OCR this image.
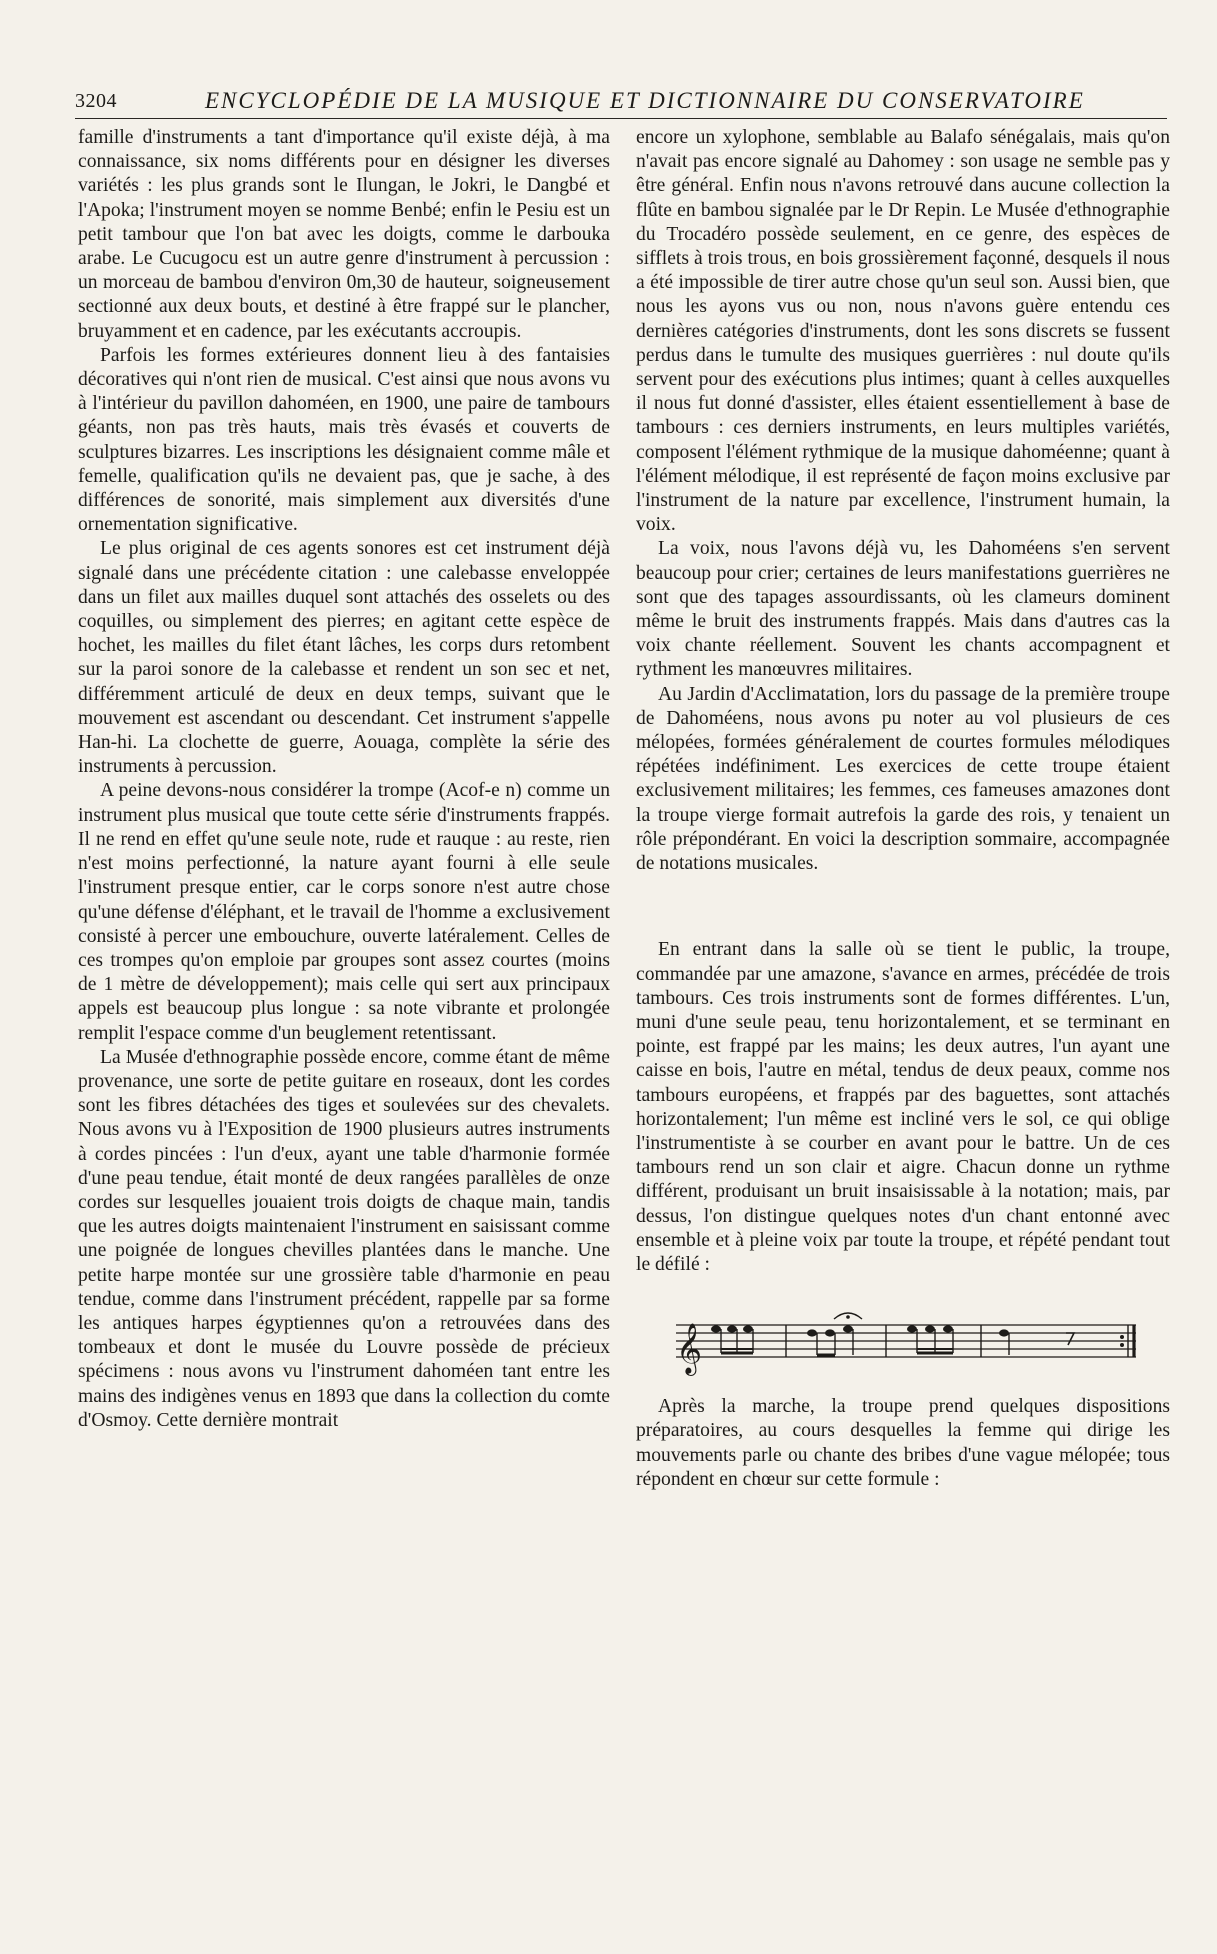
3204	ENCYCLOPÉDIE DE LA MUSIQUE ET DICTIONNAIRE DU CONSERVATOIRE

famille d'instruments a tant d'importance qu'il existe déjà, à ma connaissance, six noms différents pour en désigner les diverses variétés : les plus grands sont le Ilungan, le Jokri, le Dangbé et l'Apoka; l'instrument moyen se nomme Benbé; enfin le Pesiu est un petit tambour que l'on bat avec les doigts, comme le darbouka arabe. Le Cucugocu est un autre genre d'instrument à percussion : un morceau de bambou d'environ 0m,30 de hauteur, soigneusement sectionné aux deux bouts, et destiné à être frappé sur le plancher, bruyamment et en cadence, par les exécutants accroupis.

Parfois les formes extérieures donnent lieu à des fantaisies décoratives qui n'ont rien de musical. C'est ainsi que nous avons vu à l'intérieur du pavillon dahoméen, en 1900, une paire de tambours géants, non pas très hauts, mais très évasés et couverts de sculptures bizarres. Les inscriptions les désignaient comme mâle et femelle, qualification qu'ils ne devaient pas, que je sache, à des différences de sonorité, mais simplement aux diversités d'une ornementation significative.

Le plus original de ces agents sonores est cet instrument déjà signalé dans une précédente citation : une calebasse enveloppée dans un filet aux mailles duquel sont attachés des osselets ou des coquilles, ou simplement des pierres; en agitant cette espèce de hochet, les mailles du filet étant lâches, les corps durs retombent sur la paroi sonore de la calebasse et rendent un son sec et net, différemment articulé de deux en deux temps, suivant que le mouvement est ascendant ou descendant. Cet instrument s'appelle Han-hi. La clochette de guerre, Aouaga, complète la série des instruments à percussion.

A peine devons-nous considérer la trompe (Acof-e n) comme un instrument plus musical que toute cette série d'instruments frappés. Il ne rend en effet qu'une seule note, rude et rauque : au reste, rien n'est moins perfectionné, la nature ayant fourni à elle seule l'instrument presque entier, car le corps sonore n'est autre chose qu'une défense d'éléphant, et le travail de l'homme a exclusivement consisté à percer une embouchure, ouverte latéralement. Celles de ces trompes qu'on emploie par groupes sont assez courtes (moins de 1 mètre de développement); mais celle qui sert aux principaux appels est beaucoup plus longue : sa note vibrante et prolongée remplit l'espace comme d'un beuglement retentissant.

La Musée d'ethnographie possède encore, comme étant de même provenance, une sorte de petite guitare en roseaux, dont les cordes sont les fibres détachées des tiges et soulevées sur des chevalets. Nous avons vu à l'Exposition de 1900 plusieurs autres instruments à cordes pincées : l'un d'eux, ayant une table d'harmonie formée d'une peau tendue, était monté de deux rangées parallèles de onze cordes sur lesquelles jouaient trois doigts de chaque main, tandis que les autres doigts maintenaient l'instrument en saisissant comme une poignée de longues chevilles plantées dans le manche. Une petite harpe montée sur une grossière table d'harmonie en peau tendue, comme dans l'instrument précédent, rappelle par sa forme les antiques harpes égyptiennes qu'on a retrouvées dans des tombeaux et dont le musée du Louvre possède de précieux spécimens : nous avons vu l'instrument dahoméen tant entre les mains des indigènes venus en 1893 que dans la collection du comte d'Osmoy. Cette dernière montrait

encore un xylophone, semblable au Balafo sénégalais, mais qu'on n'avait pas encore signalé au Dahomey : son usage ne semble pas y être général. Enfin nous n'avons retrouvé dans aucune collection la flûte en bambou signalée par le Dr Repin. Le Musée d'ethnographie du Trocadéro possède seulement, en ce genre, des espèces de sifflets à trois trous, en bois grossièrement façonné, desquels il nous a été impossible de tirer autre chose qu'un seul son. Aussi bien, que nous les ayons vus ou non, nous n'avons guère entendu ces dernières catégories d'instruments, dont les sons discrets se fussent perdus dans le tumulte des musiques guerrières : nul doute qu'ils servent pour des exécutions plus intimes; quant à celles auxquelles il nous fut donné d'assister, elles étaient essentiellement à base de tambours : ces derniers instruments, en leurs multiples variétés, composent l'élément rythmique de la musique dahoméenne; quant à l'élément mélodique, il est représenté de façon moins exclusive par l'instrument de la nature par excellence, l'instrument humain, la voix.

La voix, nous l'avons déjà vu, les Dahoméens s'en servent beaucoup pour crier; certaines de leurs manifestations guerrières ne sont que des tapages assourdissants, où les clameurs dominent même le bruit des instruments frappés. Mais dans d'autres cas la voix chante réellement. Souvent les chants accompagnent et rythment les manœuvres militaires.

Au Jardin d'Acclimatation, lors du passage de la première troupe de Dahoméens, nous avons pu noter au vol plusieurs de ces mélopées, formées généralement de courtes formules mélodiques répétées indéfiniment. Les exercices de cette troupe étaient exclusivement militaires; les femmes, ces fameuses amazones dont la troupe vierge formait autrefois la garde des rois, y tenaient un rôle prépondérant. En voici la description sommaire, accompagnée de notations musicales.

En entrant dans la salle où se tient le public, la troupe, commandée par une amazone, s'avance en armes, précédée de trois tambours. Ces trois instruments sont de formes différentes. L'un, muni d'une seule peau, tenu horizontalement, et se terminant en pointe, est frappé par les mains; les deux autres, l'un ayant une caisse en bois, l'autre en métal, tendus de deux peaux, comme nos tambours européens, et frappés par des baguettes, sont attachés horizontalement; l'un même est incliné vers le sol, ce qui oblige l'instrumentiste à se courber en avant pour le battre. Un de ces tambours rend un son clair et aigre. Chacun donne un rythme différent, produisant un bruit insaisissable à la notation; mais, par dessus, l'on distingue quelques notes d'un chant entonné avec ensemble et à pleine voix par toute la troupe, et répété pendant tout le défilé :

𝄞

Après la marche, la troupe prend quelques dispositions préparatoires, au cours desquelles la femme qui dirige les mouvements parle ou chante des bribes d'une vague mélopée; tous répondent en chœur sur cette formule :
